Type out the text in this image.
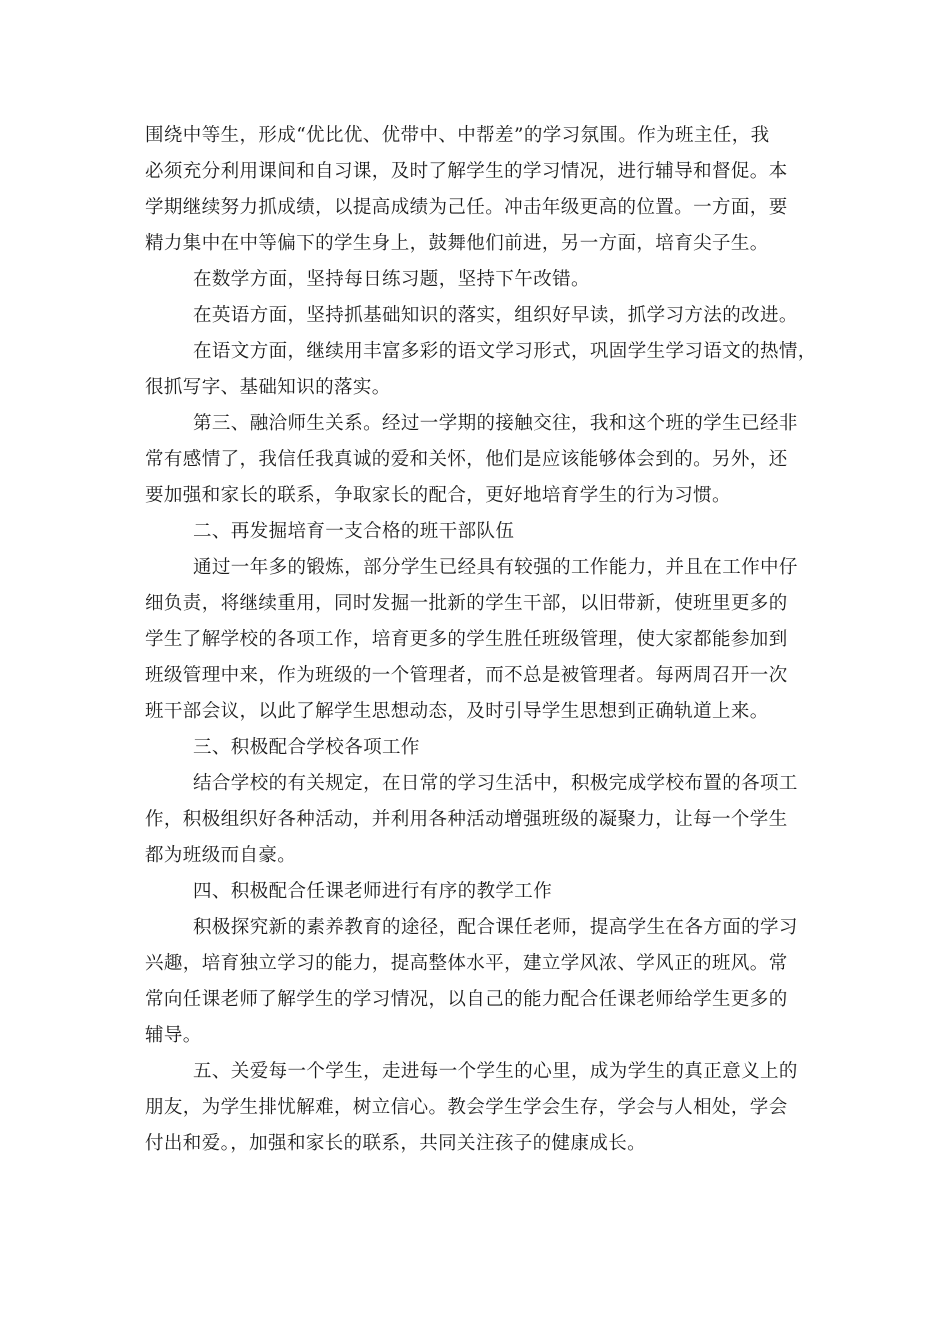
围绕中等生，形成“优比优、优带中、中帮差”的学习氛围。作为班主任，我
必须充分利用课间和自习课，及时了解学生的学习情况，进行辅导和督促。本
学期继续努力抓成绩，以提高成绩为己任。冲击年级更高的位置。一方面，要
精力集中在中等偏下的学生身上，鼓舞他们前进，另一方面，培育尖子生。
在数学方面，坚持每日练习题，坚持下午改错。
在英语方面，坚持抓基础知识的落实，组织好早读，抓学习方法的改进。
在语文方面，继续用丰富多彩的语文学习形式，巩固学生学习语文的热情，
很抓写字、基础知识的落实。
第三、融洽师生关系。经过一学期的接触交往，我和这个班的学生已经非
常有感情了，我信任我真诚的爱和关怀，他们是应该能够体会到的。另外，还
要加强和家长的联系，争取家长的配合，更好地培育学生的行为习惯。
二、再发掘培育一支合格的班干部队伍
通过一年多的锻炼，部分学生已经具有较强的工作能力，并且在工作中仔
细负责，将继续重用，同时发掘一批新的学生干部，以旧带新，使班里更多的
学生了解学校的各项工作，培育更多的学生胜任班级管理，使大家都能参加到
班级管理中来，作为班级的一个管理者，而不总是被管理者。每两周召开一次
班干部会议，以此了解学生思想动态，及时引导学生思想到正确轨道上来。
三、积极配合学校各项工作
结合学校的有关规定，在日常的学习生活中，积极完成学校布置的各项工
作，积极组织好各种活动，并利用各种活动增强班级的凝聚力，让每一个学生
都为班级而自豪。
四、积极配合任课老师进行有序的教学工作
积极探究新的素养教育的途径，配合课任老师，提高学生在各方面的学习
兴趣，培育独立学习的能力，提高整体水平，建立学风浓、学风正的班风。常
常向任课老师了解学生的学习情况，以自己的能力配合任课老师给学生更多的
辅导。
五、关爱每一个学生，走进每一个学生的心里，成为学生的真正意义上的
朋友，为学生排忧解难，树立信心。教会学生学会生存，学会与人相处，学会
付出和爱。，加强和家长的联系，共同关注孩子的健康成长。
